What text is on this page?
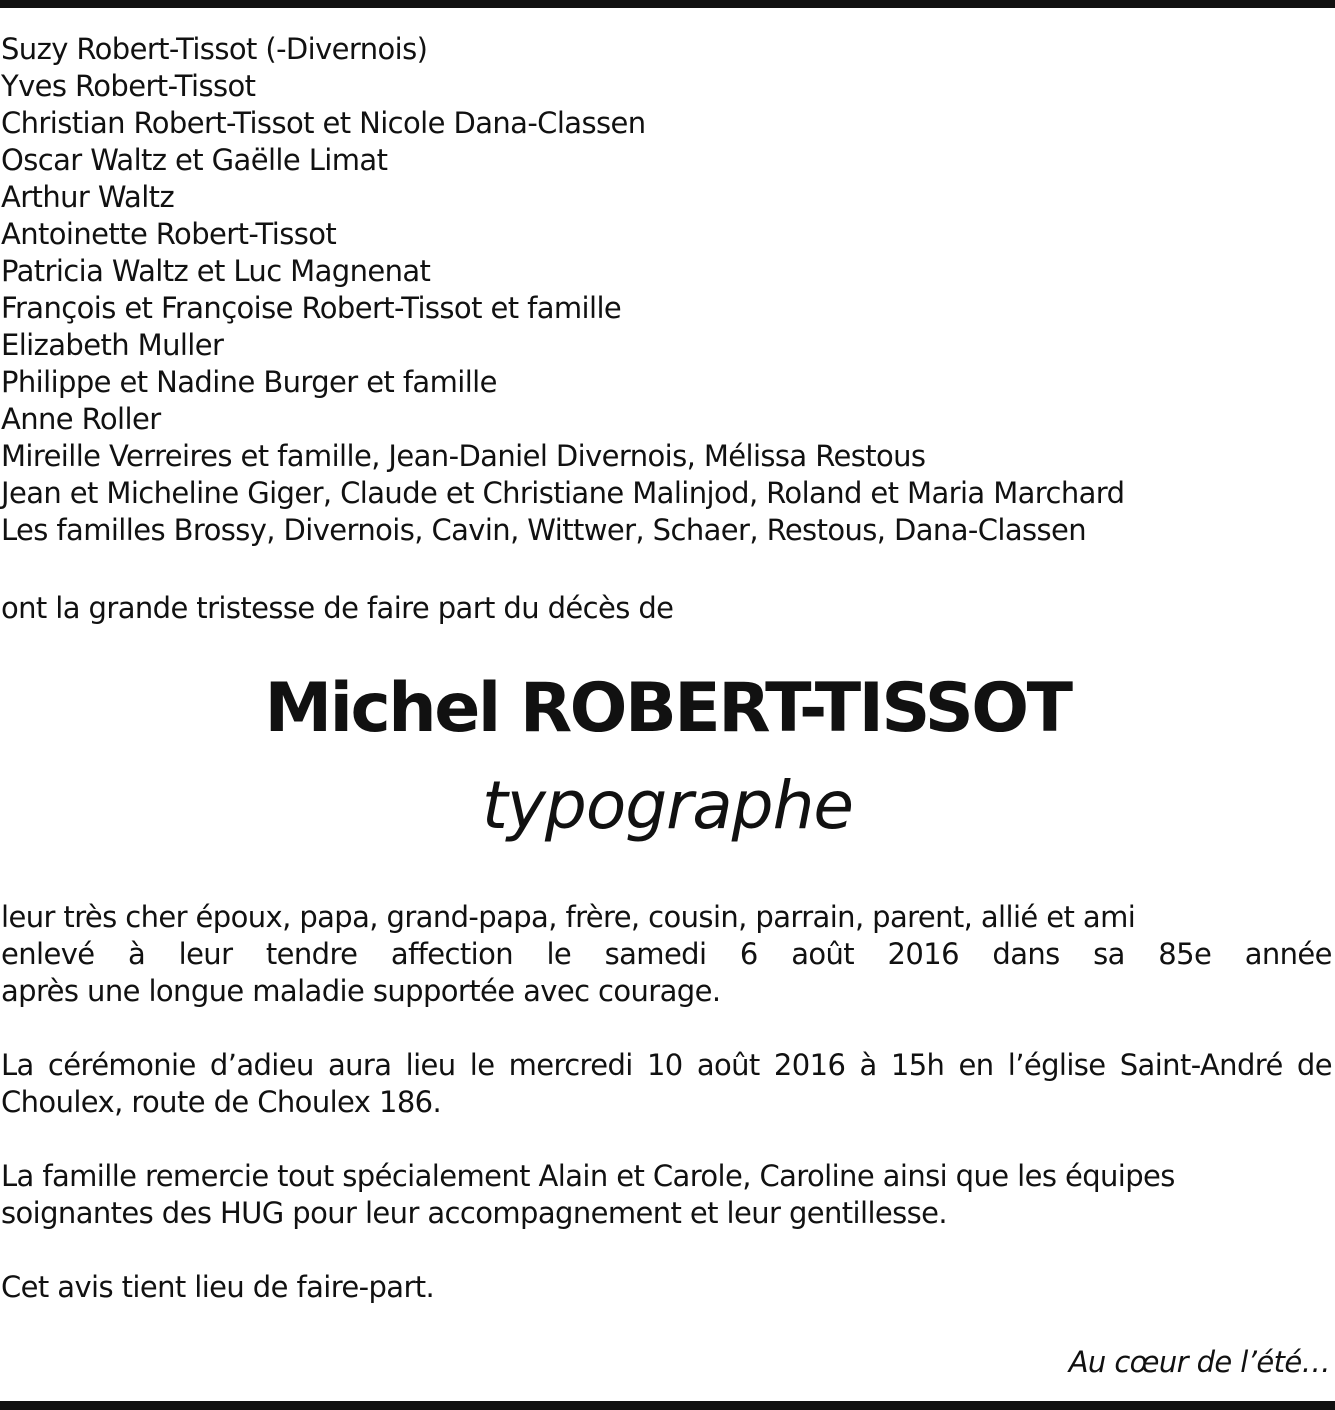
Suzy Robert-Tissot (-Divernois)
Yves Robert-Tissot
Christian Robert-Tissot et Nicole Dana-Classen
Oscar Waltz et Gaëlle Limat
Arthur Waltz
Antoinette Robert-Tissot
Patricia Waltz et Luc Magnenat
François et Françoise Robert-Tissot et famille
Elizabeth Muller
Philippe et Nadine Burger et famille
Anne Roller
Mireille Verreires et famille, Jean-Daniel Divernois, Mélissa Restous
Jean et Micheline Giger, Claude et Christiane Malinjod, Roland et Maria Marchard
Les familles Brossy, Divernois, Cavin, Wittwer, Schaer, Restous, Dana-Classen
ont la grande tristesse de faire part du décès de
Michel ROBERT-TISSOT
typographe
leur très cher époux, papa, grand-papa, frère, cousin, parrain, parent, allié et ami
enlevé à leur tendre affection le samedi 6 août 2016 dans sa 85e année
après une longue maladie supportée avec courage.
La cérémonie d’adieu aura lieu le mercredi 10 août 2016 à 15h en l’église Saint-André de
Choulex, route de Choulex 186.
La famille remercie tout spécialement Alain et Carole, Caroline ainsi que les équipes
soignantes des HUG pour leur accompagnement et leur gentillesse.
Cet avis tient lieu de faire-part.
Au cœur de l’été…
